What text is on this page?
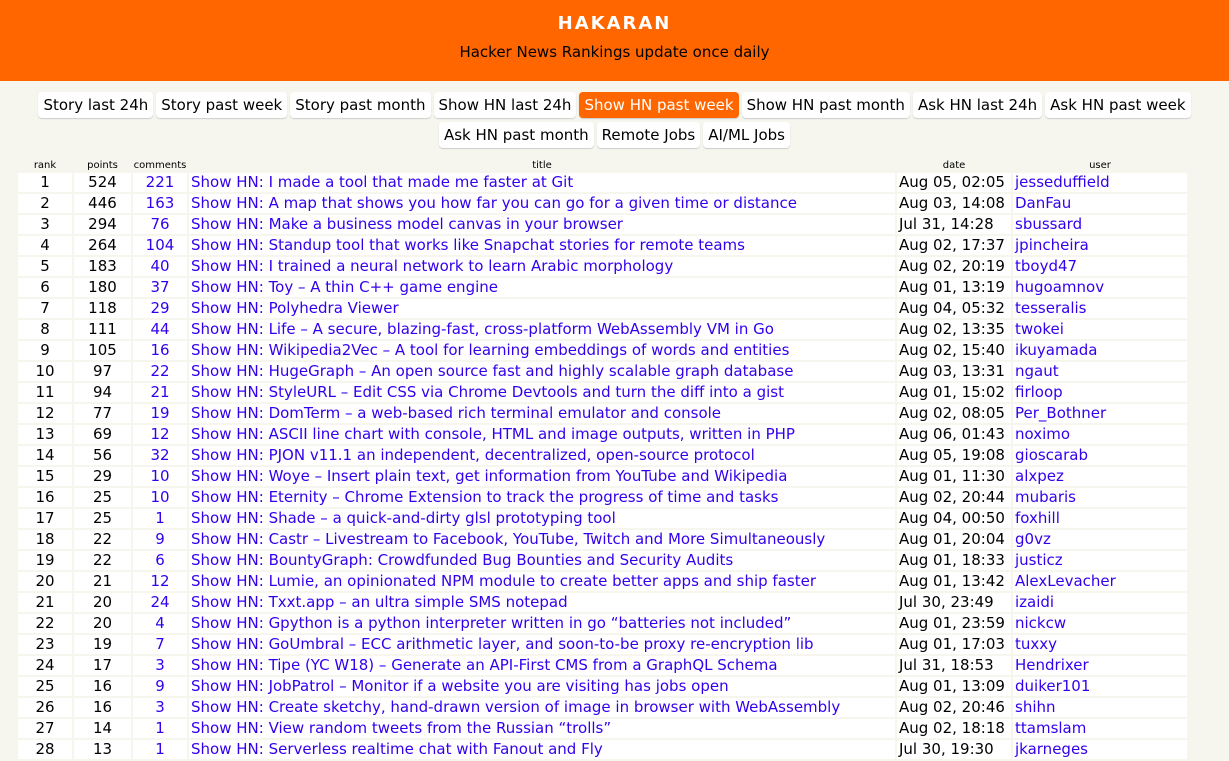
HAKARAN
Hacker News Rankings update once daily
Story last 24h Story past week Story past month Show HN last 24h Show HN past week Show HN past month Ask HN last 24h Ask HN past week
Ask HN past month Remote Jobs AI/ML Jobs
rank	points	comments	title	date	user
1	524	221	Show HN: I made a tool that made me faster at Git	Aug 05, 02:05	jesseduffield
2	446	163	Show HN: A map that shows you how far you can go for a given time or distance	Aug 03, 14:08	DanFau
3	294	76	Show HN: Make a business model canvas in your browser	Jul 31, 14:28	sbussard
4	264	104	Show HN: Standup tool that works like Snapchat stories for remote teams	Aug 02, 17:37	jpincheira
5	183	40	Show HN: I trained a neural network to learn Arabic morphology	Aug 02, 20:19	tboyd47
6	180	37	Show HN: Toy – A thin C++ game engine	Aug 01, 13:19	hugoamnov
7	118	29	Show HN: Polyhedra Viewer	Aug 04, 05:32	tesseralis
8	111	44	Show HN: Life – A secure, blazing-fast, cross-platform WebAssembly VM in Go	Aug 02, 13:35	twokei
9	105	16	Show HN: Wikipedia2Vec – A tool for learning embeddings of words and entities	Aug 02, 15:40	ikuyamada
10	97	22	Show HN: HugeGraph – An open source fast and highly scalable graph database	Aug 03, 13:31	ngaut
11	94	21	Show HN: StyleURL – Edit CSS via Chrome Devtools and turn the diff into a gist	Aug 01, 15:02	firloop
12	77	19	Show HN: DomTerm – a web-based rich terminal emulator and console	Aug 02, 08:05	Per_Bothner
13	69	12	Show HN: ASCII line chart with console, HTML and image outputs, written in PHP	Aug 06, 01:43	noximo
14	56	32	Show HN: PJON v11.1 an independent, decentralized, open-source protocol	Aug 05, 19:08	gioscarab
15	29	10	Show HN: Woye – Insert plain text, get information from YouTube and Wikipedia	Aug 01, 11:30	alxpez
16	25	10	Show HN: Eternity – Chrome Extension to track the progress of time and tasks	Aug 02, 20:44	mubaris
17	25	1	Show HN: Shade – a quick-and-dirty glsl prototyping tool	Aug 04, 00:50	foxhill
18	22	9	Show HN: Castr – Livestream to Facebook, YouTube, Twitch and More Simultaneously	Aug 01, 20:04	g0vz
19	22	6	Show HN: BountyGraph: Crowdfunded Bug Bounties and Security Audits	Aug 01, 18:33	justicz
20	21	12	Show HN: Lumie, an opinionated NPM module to create better apps and ship faster	Aug 01, 13:42	AlexLevacher
21	20	24	Show HN: Txxt.app – an ultra simple SMS notepad	Jul 30, 23:49	izaidi
22	20	4	Show HN: Gpython is a python interpreter written in go “batteries not included”	Aug 01, 23:59	nickcw
23	19	7	Show HN: GoUmbral – ECC arithmetic layer, and soon-to-be proxy re-encryption lib	Aug 01, 17:03	tuxxy
24	17	3	Show HN: Tipe (YC W18) – Generate an API-First CMS from a GraphQL Schema	Jul 31, 18:53	Hendrixer
25	16	9	Show HN: JobPatrol – Monitor if a website you are visiting has jobs open	Aug 01, 13:09	duiker101
26	16	3	Show HN: Create sketchy, hand-drawn version of image in browser with WebAssembly	Aug 02, 20:46	shihn
27	14	1	Show HN: View random tweets from the Russian “trolls”	Aug 02, 18:18	ttamslam
28	13	1	Show HN: Serverless realtime chat with Fanout and Fly	Jul 30, 19:30	jkarneges
